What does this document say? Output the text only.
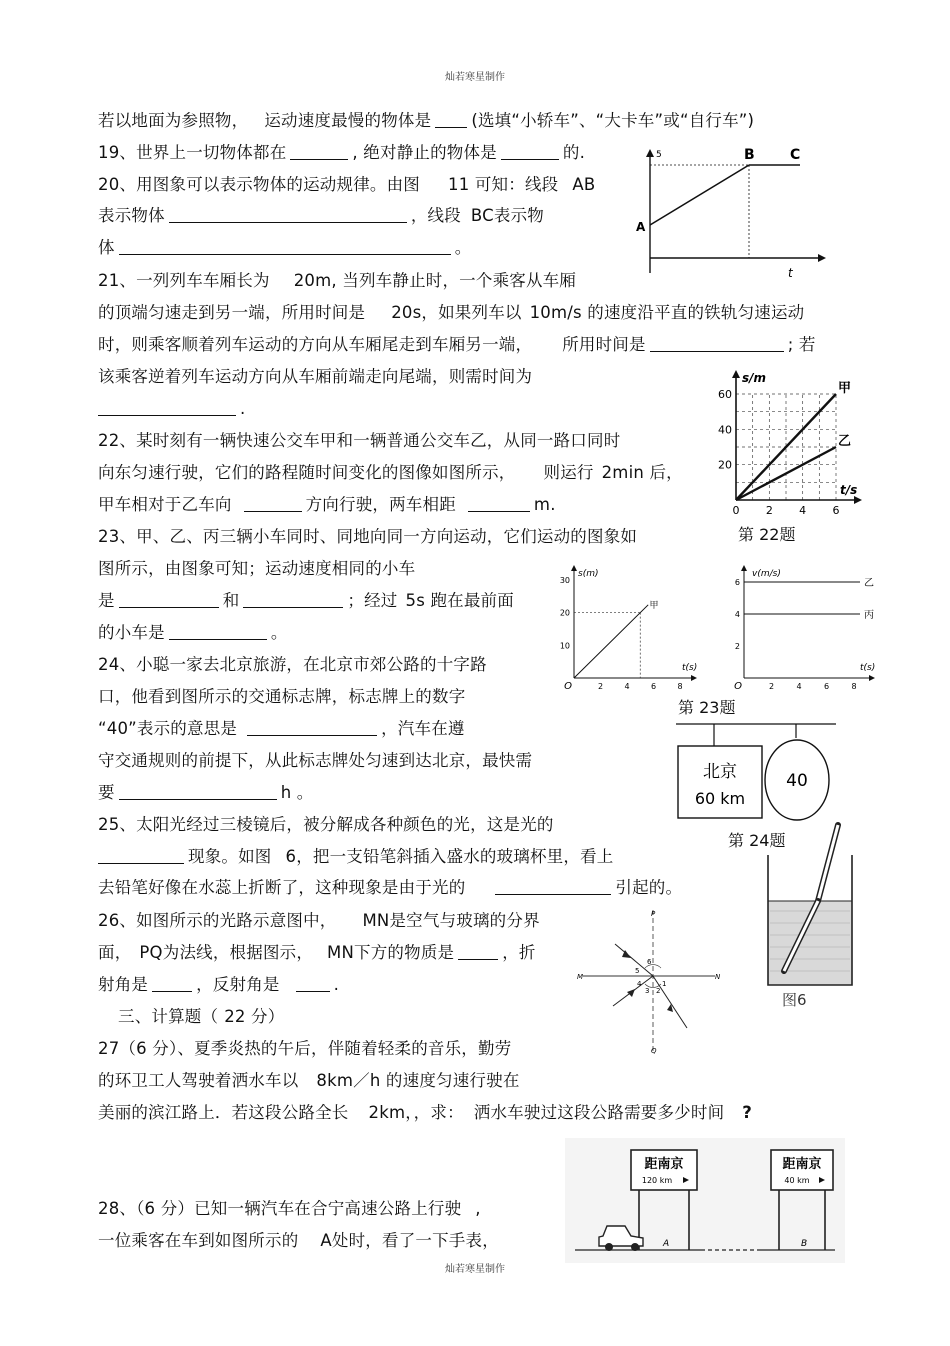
灿若寒星制作
若以地面为参照物， 运动速度最慢的物体是 (选填“小轿车”、“大卡车”或“自行车”)
19、世界上一切物体都在	, 绝对静止的物体是	的.
20、用图象可以表示物体的运动规律。由图 11 可知：线段 AB
表示物体	，线段 BC表示物
体	。
5
A
B	C
t
21、一列列车车厢长为 20m, 当列车静止时，一个乘客从车厢
的顶端匀速走到另一端，所用时间是 20s，如果列车以 10m/s 的速度沿平直的铁轨匀速运动
时，则乘客顺着列车运动的方向从车厢尾走到车厢另一端， 所用时间是	; 若
该乘客逆着列车运动方向从车厢前端走向尾端，则需时间为
.
s/m
t/s
60
40
20
0 2 4 6
甲
乙
第 22题
22、某时刻有一辆快速公交车甲和一辆普通公交车乙，从同一路口同时
向东匀速行驶，它们的路程随时间变化的图像如图所示， 则运行 2min 后，
甲车相对于乙车向	方向行驶，两车相距	m.
23、甲、乙、丙三辆小车同时、同地向同一方向运动，它们运动的图象如
图所示，由图象可知；运动速度相同的小车
是	和	；经过 5s 跑在最前面
的小车是	。
s(m)
t(s)
30
20
10
O	2	4	6	8
甲
v(m/s)
t(s)
6
4
2
O	2	4	6	8
乙
丙
第 23题
24、小聪一家去北京旅游，在北京市郊公路的十字路
口，他看到图所示的交通标志牌，标志牌上的数字
“40”表示的意思是	，汽车在遵
守交通规则的前提下，从此标志牌处匀速到达北京，最快需
要	h 。
北京
60 km
40
第 24题
25、太阳光经过三棱镜后，被分解成各种颜色的光，这是光的
现象。如图 6，把一支铅笔斜插入盛水的玻璃杯里，看上
去铅笔好像在水蕊上折断了，这种现象是由于光的	引起的。
图6
26、如图所示的光路示意图中， MN是空气与玻璃的分界
面， PQ为法线，根据图示， MN下方的物质是	，折
射角是	，反射角是	.
P
Q
M	N
6
5
4
3 2
1
三、计算题（ 22 分）
27（6 分）、夏季炎热的午后，伴随着轻柔的音乐，勤劳
的环卫工人驾驶着洒水车以 8km／h 的速度匀速行驶在
美丽的滨江路上．若这段公路全长 2km，，求： 洒水车驶过这段公路需要多少时间 ?
28、（6 分）已知一辆汽车在合宁高速公路上行驶 ,
一位乘客在车到如图所示的 A处时，看了一下手表，
距南京
120 km
距南京
40 km
A	B
灿若寒星制作
